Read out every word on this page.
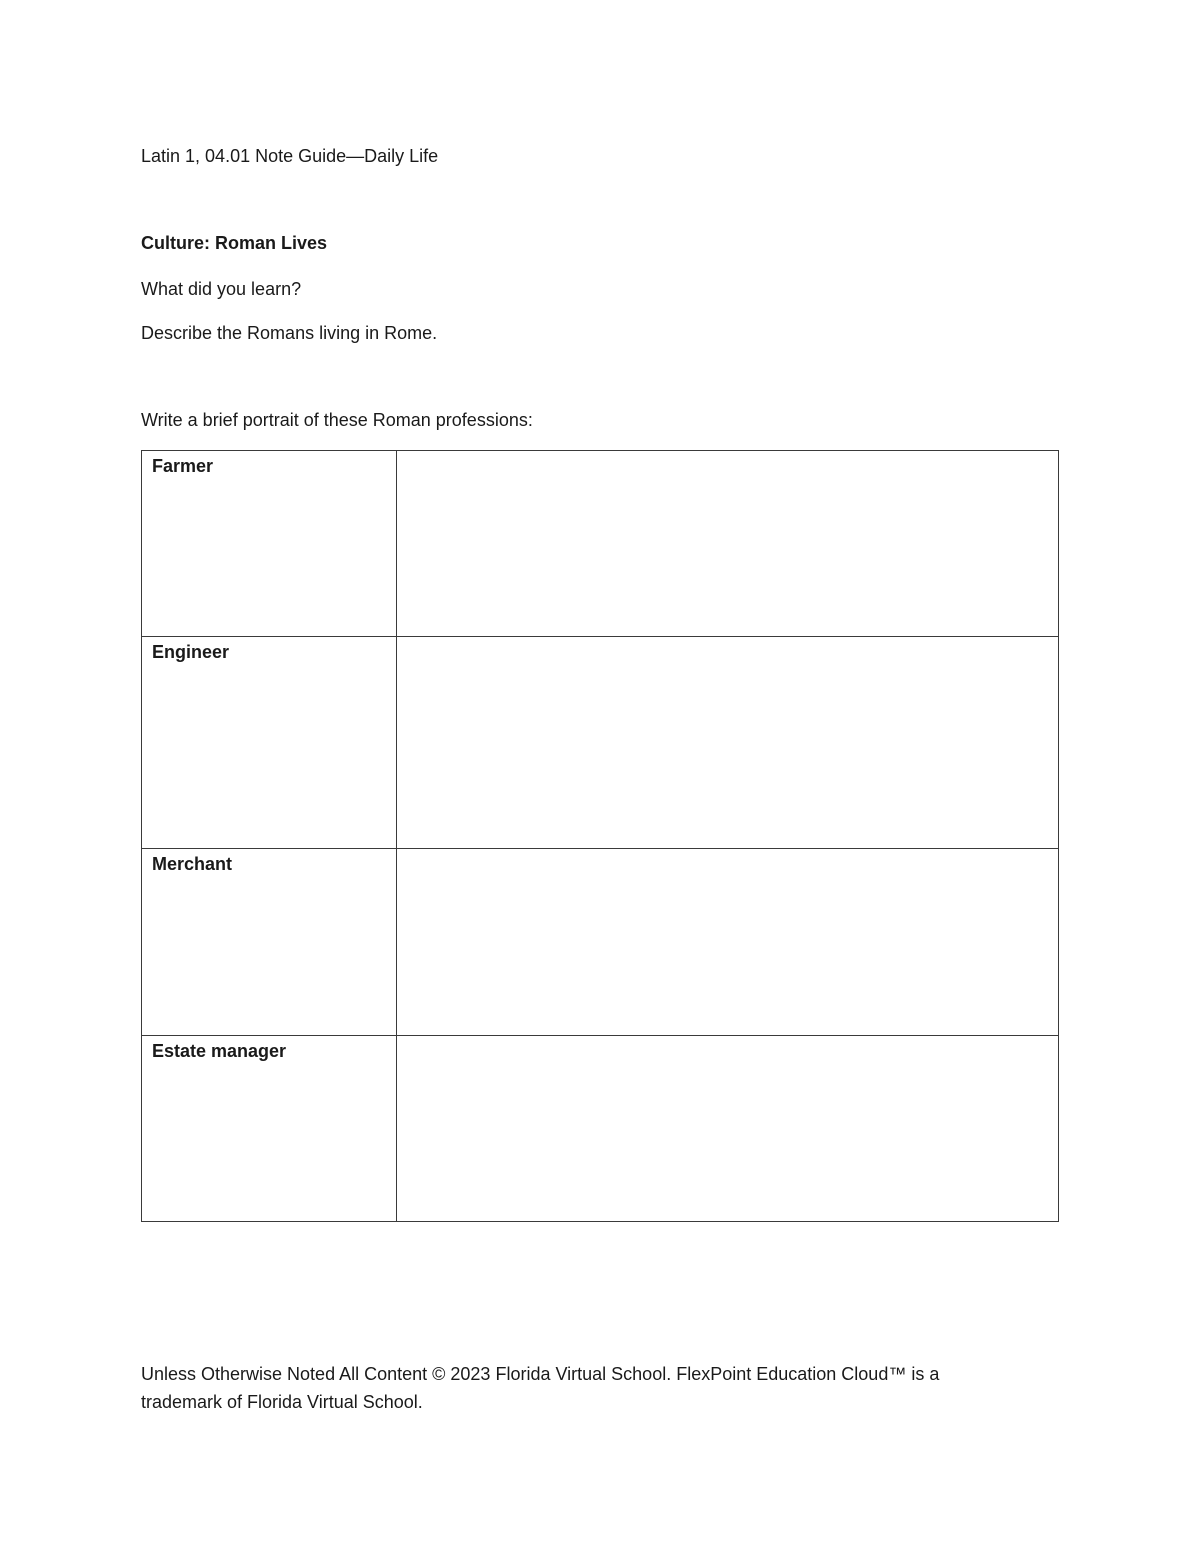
Latin 1, 04.01 Note Guide—Daily Life
Culture: Roman Lives
What did you learn?
Describe the Romans living in Rome.
Write a brief portrait of these Roman professions:
Farmer	
Engineer	
Merchant	
Estate manager	
Unless Otherwise Noted All Content © 2023 Florida Virtual School. FlexPoint Education Cloud™ is a
trademark of Florida Virtual School.
